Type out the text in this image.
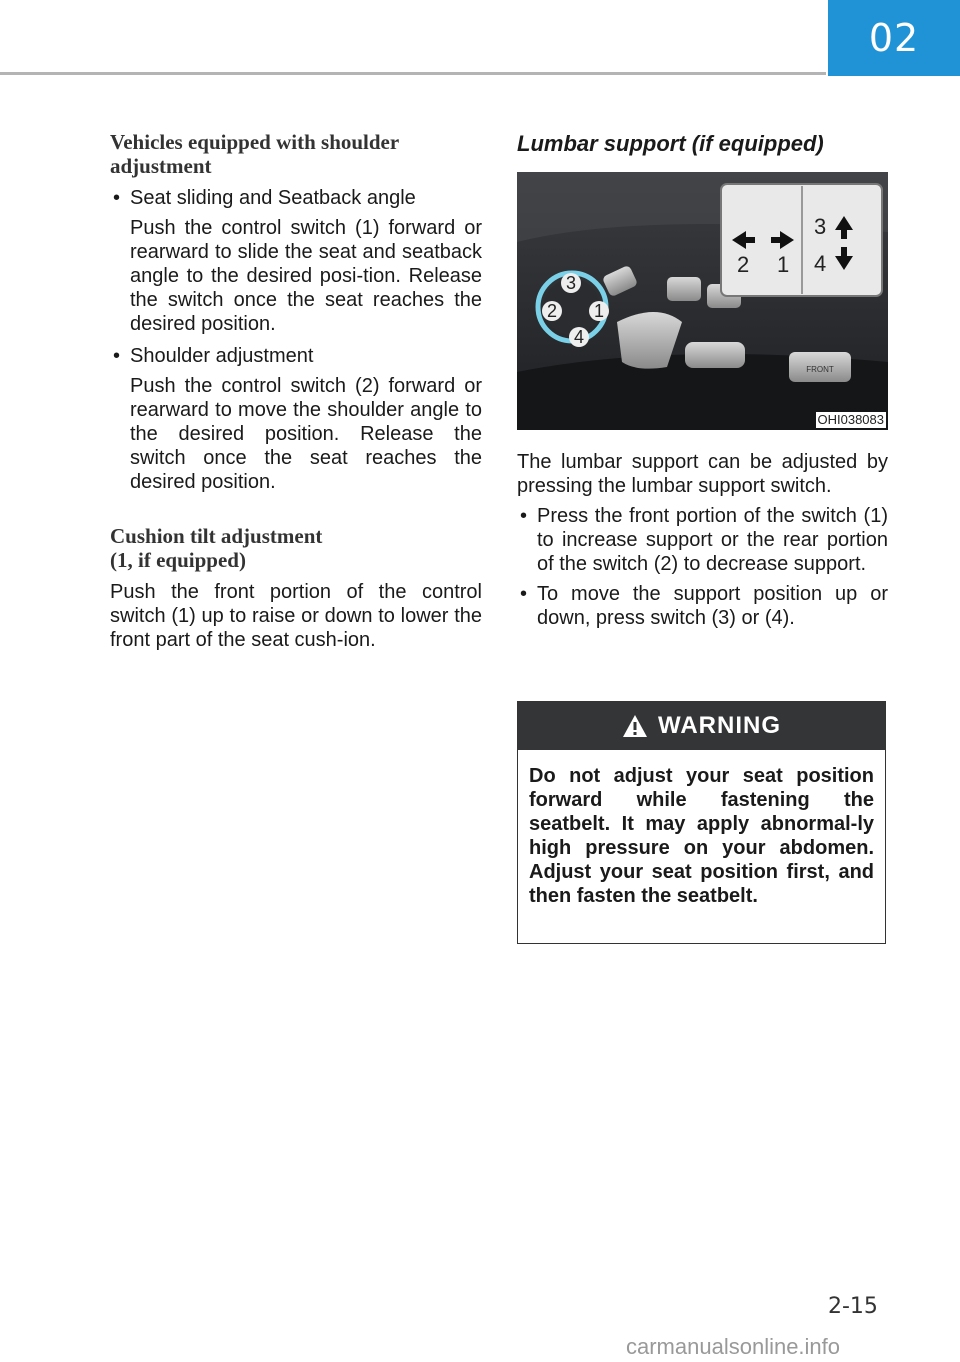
02
Vehicles equipped with shoulder adjustment

• Seat sliding and Seatback angle

Push the control switch (1) forward or rearward to slide the seat and seatback angle to the desired posi-tion. Release the switch once the seat reaches the desired position.

• Shoulder adjustment

Push the control switch (2) forward or rearward to move the shoulder angle to the desired position. Release the switch once the seat reaches the desired position.

Cushion tilt adjustment
(1, if equipped)

Push the front portion of the control switch (1) up to raise or down to lower the front part of the seat cush-ion.

Lumbar support (if equipped)
2 1
3
4
3
2 1
4
FRONT
OHI038083

The lumbar support can be adjusted by pressing the lumbar support switch.

• Press the front portion of the switch (1) to increase support or the rear portion of the switch (2) to decrease support.
• To move the support position up or down, press switch (3) or (4).
WARNING
Do not adjust your seat position forward while fastening the seatbelt. It may apply abnormal-ly high pressure on your abdomen. Adjust your seat position first, and then fasten the seatbelt.
2-15
carmanualsonline.info
